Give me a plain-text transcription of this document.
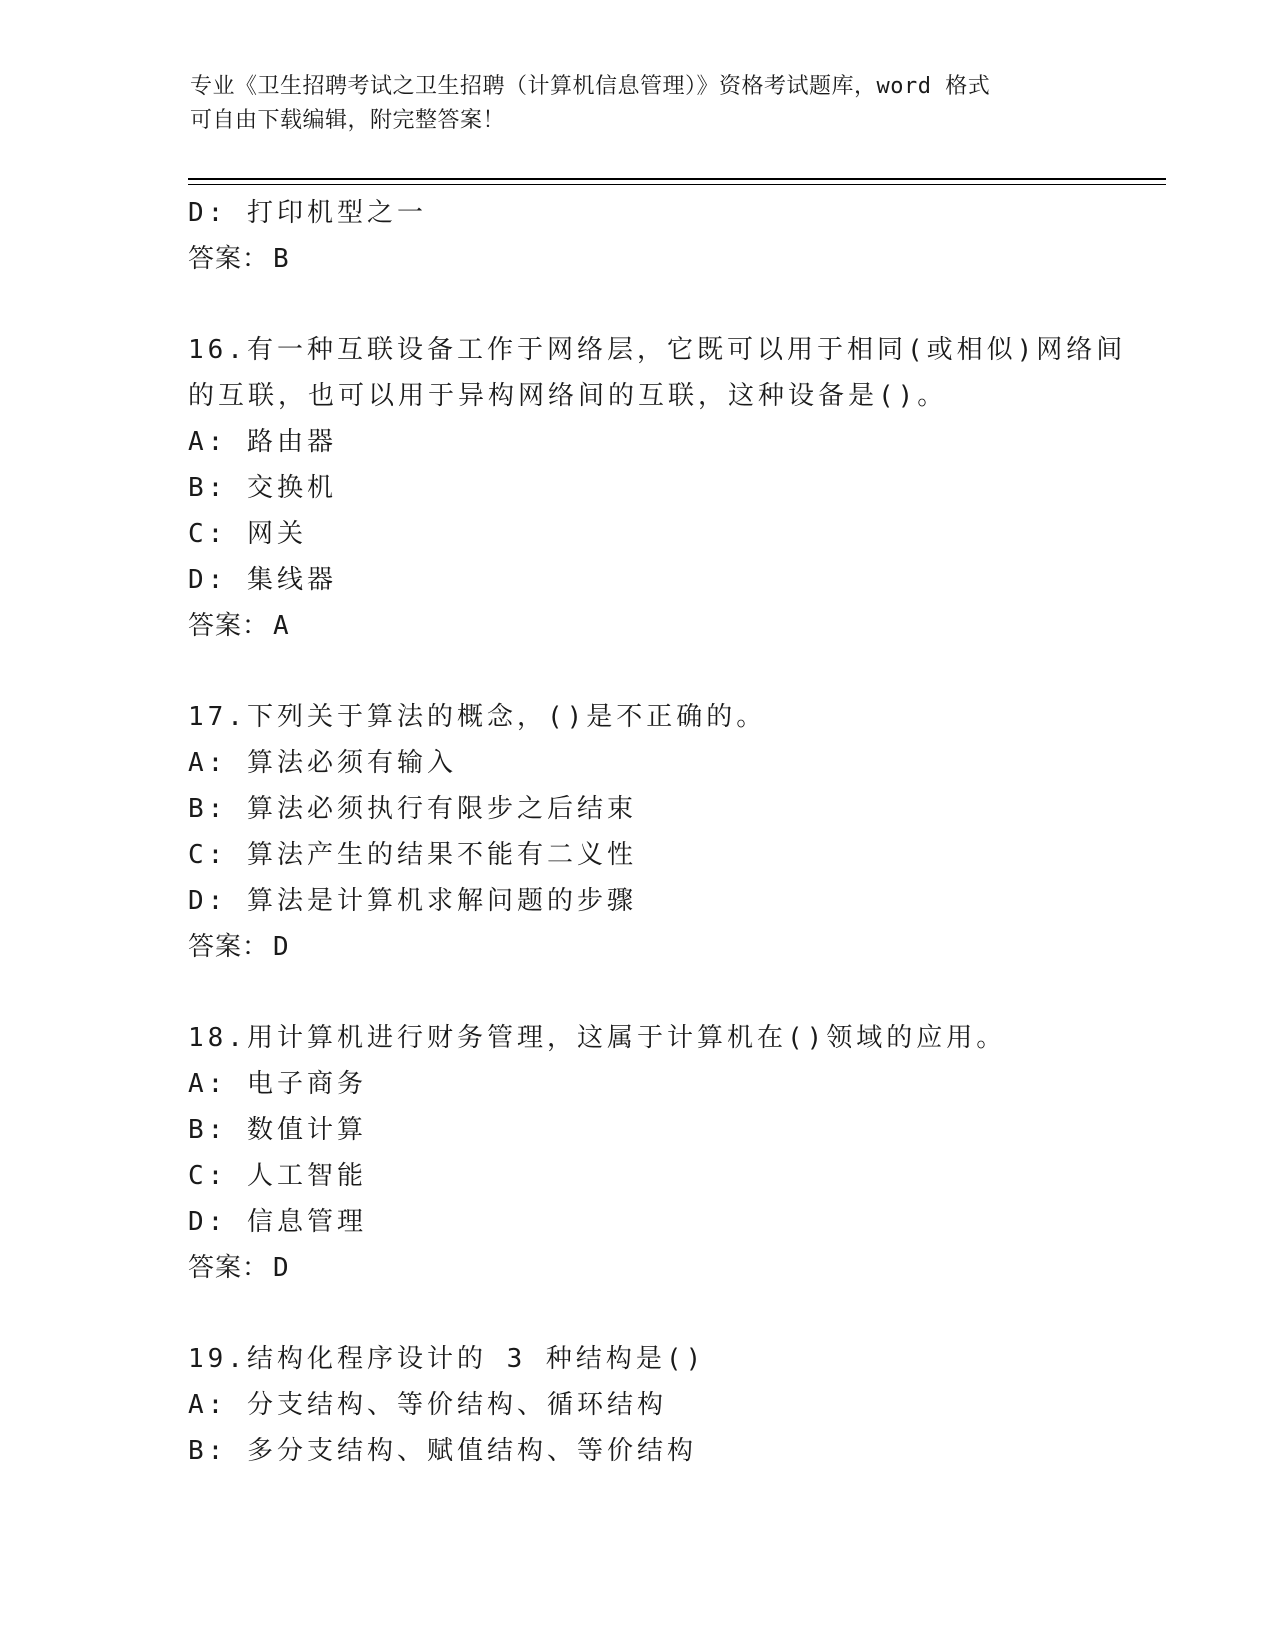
专业《卫生招聘考试之卫生招聘（计算机信息管理）》资格考试题库，word 格式
可自由下载编辑，附完整答案！
D: 打印机型之一
答案： B
16.有一种互联设备工作于网络层，它既可以用于相同(或相似)网络间
的互联，也可以用于异构网络间的互联，这种设备是()。
A: 路由器
B: 交换机
C: 网关
D: 集线器
答案： A
17.下列关于算法的概念，()是不正确的。
A: 算法必须有输入
B: 算法必须执行有限步之后结束
C: 算法产生的结果不能有二义性
D: 算法是计算机求解问题的步骤
答案： D
18.用计算机进行财务管理，这属于计算机在()领域的应用。
A: 电子商务
B: 数值计算
C: 人工智能
D: 信息管理
答案： D
19.结构化程序设计的 3 种结构是()
A: 分支结构、等价结构、循环结构
B: 多分支结构、赋值结构、等价结构
